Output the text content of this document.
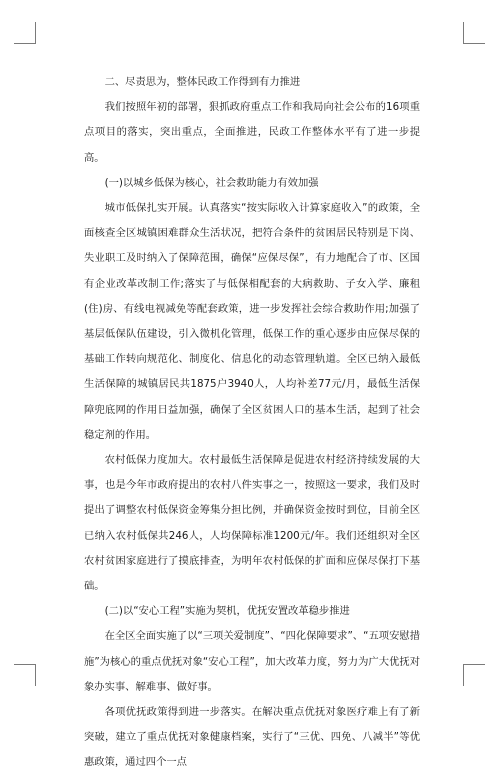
二、尽责思为，整体民政工作得到有力推进

我们按照年初的部署，狠抓政府重点工作和我局向社会公布的16项重点项目的落实，突出重点，全面推进，民政工作整体水平有了进一步提高。

(一)以城乡低保为核心，社会救助能力有效加强

城市低保扎实开展。认真落实“按实际收入计算家庭收入”的政策，全面核查全区城镇困难群众生活状况，把符合条件的贫困居民特别是下岗、失业职工及时纳入了保障范围，确保“应保尽保”，有力地配合了市、区国有企业改革改制工作;落实了与低保相配套的大病救助、子女入学、廉租(住)房、有线电视减免等配套政策，进一步发挥社会综合救助作用;加强了基层低保队伍建设，引入微机化管理，低保工作的重心逐步由应保尽保的基础工作转向规范化、制度化、信息化的动态管理轨道。全区已纳入最低生活保障的城镇居民共1875户3940人，人均补差77元/月，最低生活保障兜底网的作用日益加强，确保了全区贫困人口的基本生活，起到了社会稳定剂的作用。

农村低保力度加大。农村最低生活保障是促进农村经济持续发展的大事，也是今年市政府提出的农村八件实事之一，按照这一要求，我们及时提出了调整农村低保资金筹集分担比例，并确保资金按时到位，目前全区已纳入农村低保共246人，人均保障标准1200元/年。我们还组织对全区农村贫困家庭进行了摸底排查，为明年农村低保的扩面和应保尽保打下基础。

(二)以“安心工程”实施为契机，优抚安置改革稳步推进

在全区全面实施了以“三项关爱制度”、“四化保障要求”、“五项安慰措施”为核心的重点优抚对象“安心工程”，加大改革力度，努力为广大优抚对象办实事、解难事、做好事。

各项优抚政策得到进一步落实。在解决重点优抚对象医疗难上有了新突破，建立了重点优抚对象健康档案，实行了“三优、四免、八减半”等优惠政策，通过四个一点
